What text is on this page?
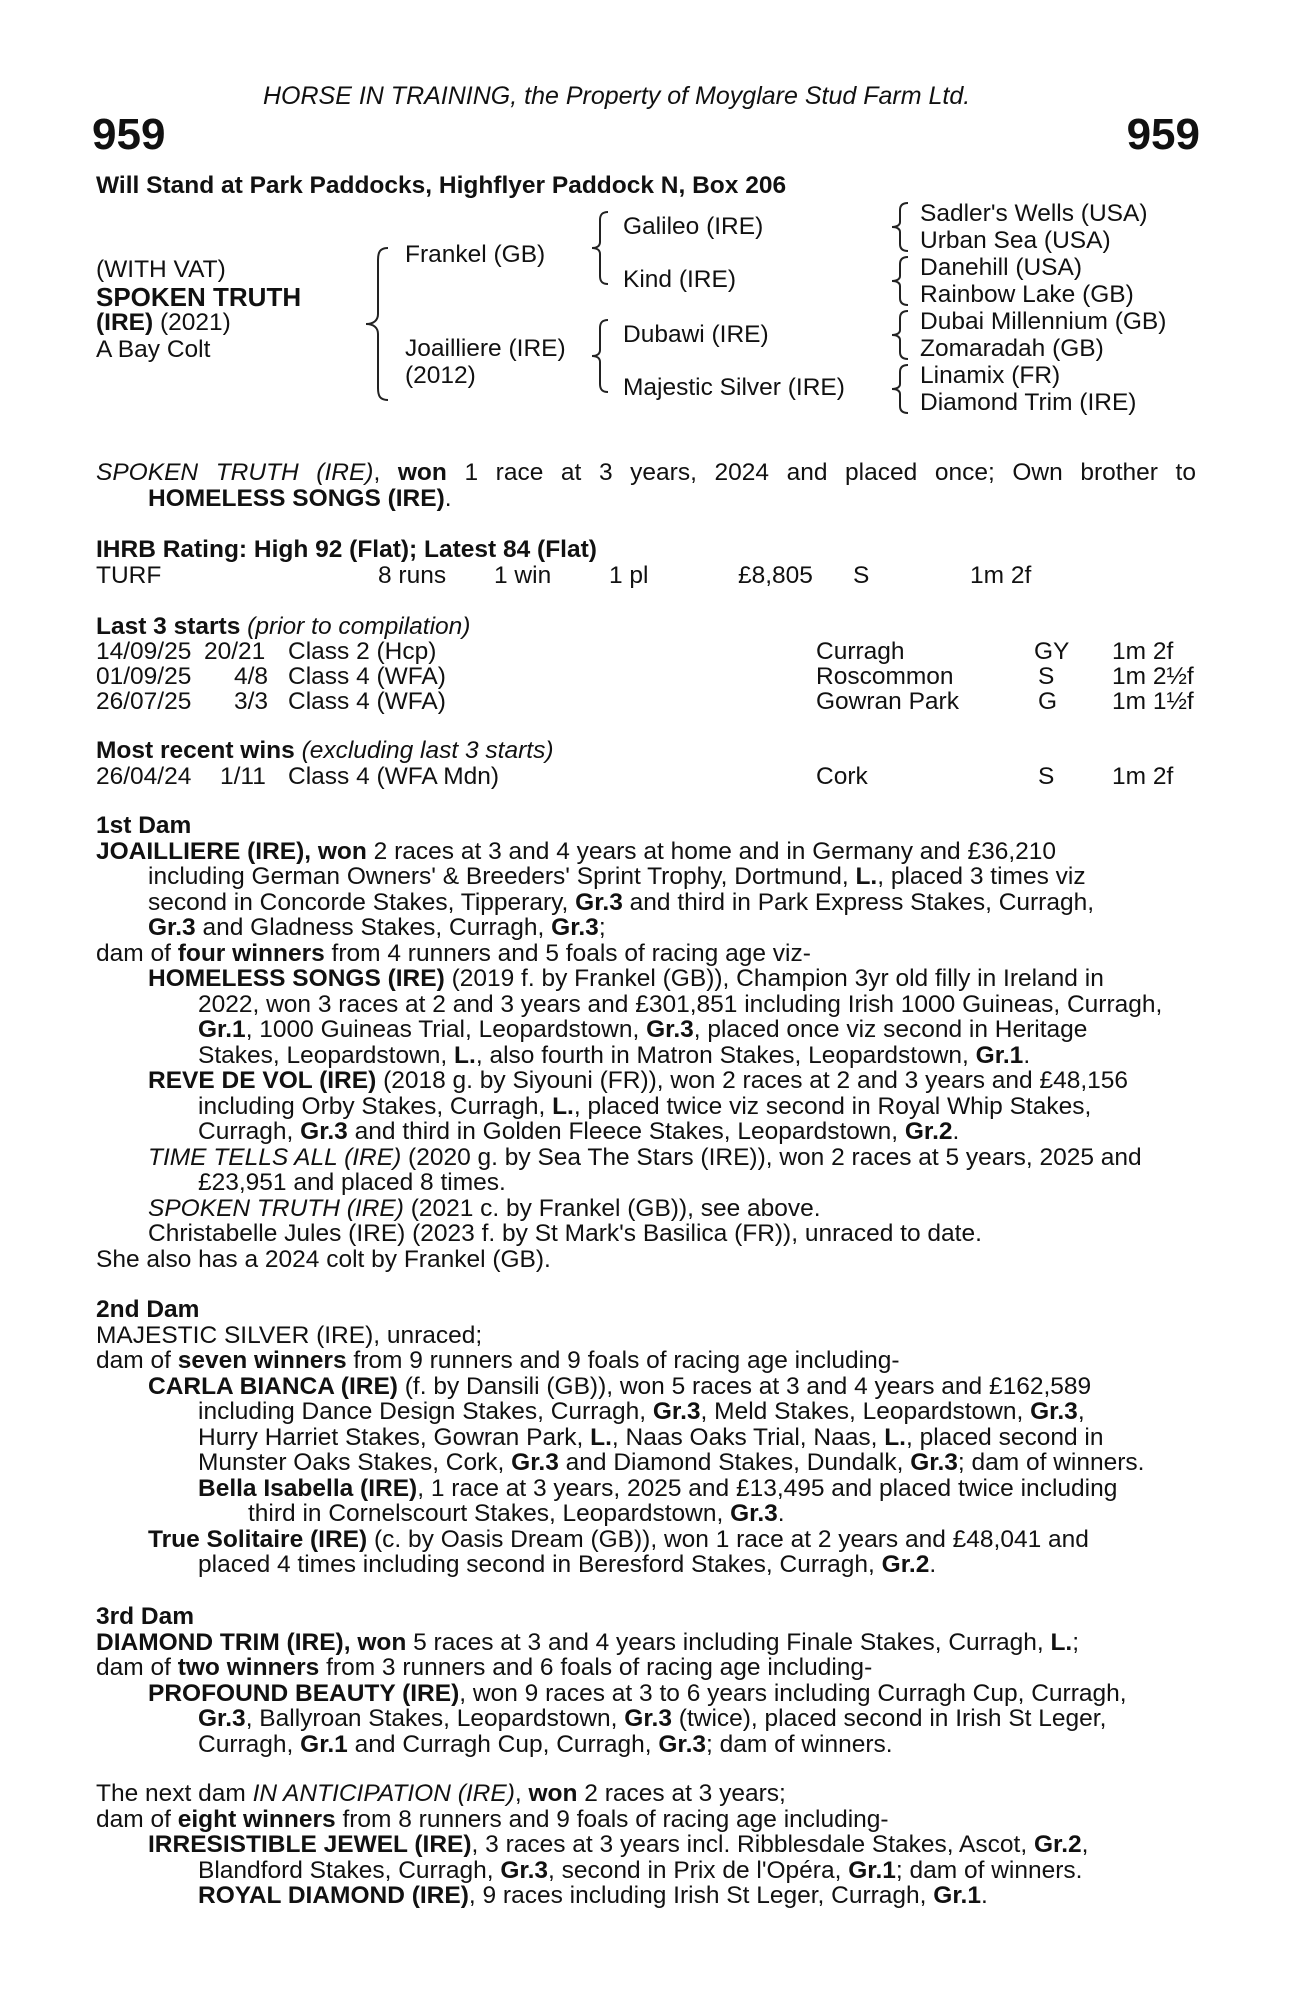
HORSE IN TRAINING, the Property of Moyglare Stud Farm Ltd.
959	959
Will Stand at Park Paddocks, Highflyer Paddock N, Box 206
(WITH VAT)
SPOKEN TRUTH
(IRE) (2021)
A Bay Colt
Frankel (GB)
Joailliere (IRE)
(2012)
Galileo (IRE)
Kind (IRE)
Dubawi (IRE)
Majestic Silver (IRE)
Sadler's Wells (USA)
Urban Sea (USA)
Danehill (USA)
Rainbow Lake (GB)
Dubai Millennium (GB)
Zomaradah (GB)
Linamix (FR)
Diamond Trim (IRE)
SPOKEN TRUTH (IRE), won 1 race at 3 years, 2024 and placed once; Own brother to
HOMELESS SONGS (IRE).
IHRB Rating: High 92 (Flat); Latest 84 (Flat)
TURF	8 runs 1 win 1 pl	£8,805 S	1m 2f
Last 3 starts (prior to compilation)
14/09/25 20/21 Class 2 (Hcp)	Curragh	GY 1m 2f
01/09/25 4/8 Class 4 (WFA)	Roscommon	S 1m 2½f
26/07/25 3/3 Class 4 (WFA)	Gowran Park	G 1m 1½f
Most recent wins (excluding last 3 starts)
26/04/24 1/11 Class 4 (WFA Mdn)	Cork	S 1m 2f
1st Dam
JOAILLIERE (IRE), won 2 races at 3 and 4 years at home and in Germany and £36,210
including German Owners' & Breeders' Sprint Trophy, Dortmund, L., placed 3 times viz
second in Concorde Stakes, Tipperary, Gr.3 and third in Park Express Stakes, Curragh,
Gr.3 and Gladness Stakes, Curragh, Gr.3;
dam of four winners from 4 runners and 5 foals of racing age viz-
HOMELESS SONGS (IRE) (2019 f. by Frankel (GB)), Champion 3yr old filly in Ireland in
2022, won 3 races at 2 and 3 years and £301,851 including Irish 1000 Guineas, Curragh,
Gr.1, 1000 Guineas Trial, Leopardstown, Gr.3, placed once viz second in Heritage
Stakes, Leopardstown, L., also fourth in Matron Stakes, Leopardstown, Gr.1.
REVE DE VOL (IRE) (2018 g. by Siyouni (FR)), won 2 races at 2 and 3 years and £48,156
including Orby Stakes, Curragh, L., placed twice viz second in Royal Whip Stakes,
Curragh, Gr.3 and third in Golden Fleece Stakes, Leopardstown, Gr.2.
TIME TELLS ALL (IRE) (2020 g. by Sea The Stars (IRE)), won 2 races at 5 years, 2025 and
£23,951 and placed 8 times.
SPOKEN TRUTH (IRE) (2021 c. by Frankel (GB)), see above.
Christabelle Jules (IRE) (2023 f. by St Mark's Basilica (FR)), unraced to date.
She also has a 2024 colt by Frankel (GB).
2nd Dam
MAJESTIC SILVER (IRE), unraced;
dam of seven winners from 9 runners and 9 foals of racing age including-
CARLA BIANCA (IRE) (f. by Dansili (GB)), won 5 races at 3 and 4 years and £162,589
including Dance Design Stakes, Curragh, Gr.3, Meld Stakes, Leopardstown, Gr.3,
Hurry Harriet Stakes, Gowran Park, L., Naas Oaks Trial, Naas, L., placed second in
Munster Oaks Stakes, Cork, Gr.3 and Diamond Stakes, Dundalk, Gr.3; dam of winners.
Bella Isabella (IRE), 1 race at 3 years, 2025 and £13,495 and placed twice including
third in Cornelscourt Stakes, Leopardstown, Gr.3.
True Solitaire (IRE) (c. by Oasis Dream (GB)), won 1 race at 2 years and £48,041 and
placed 4 times including second in Beresford Stakes, Curragh, Gr.2.
3rd Dam
DIAMOND TRIM (IRE), won 5 races at 3 and 4 years including Finale Stakes, Curragh, L.;
dam of two winners from 3 runners and 6 foals of racing age including-
PROFOUND BEAUTY (IRE), won 9 races at 3 to 6 years including Curragh Cup, Curragh,
Gr.3, Ballyroan Stakes, Leopardstown, Gr.3 (twice), placed second in Irish St Leger,
Curragh, Gr.1 and Curragh Cup, Curragh, Gr.3; dam of winners.
The next dam IN ANTICIPATION (IRE), won 2 races at 3 years;
dam of eight winners from 8 runners and 9 foals of racing age including-
IRRESISTIBLE JEWEL (IRE), 3 races at 3 years incl. Ribblesdale Stakes, Ascot, Gr.2,
Blandford Stakes, Curragh, Gr.3, second in Prix de l'Opéra, Gr.1; dam of winners.
ROYAL DIAMOND (IRE), 9 races including Irish St Leger, Curragh, Gr.1.
